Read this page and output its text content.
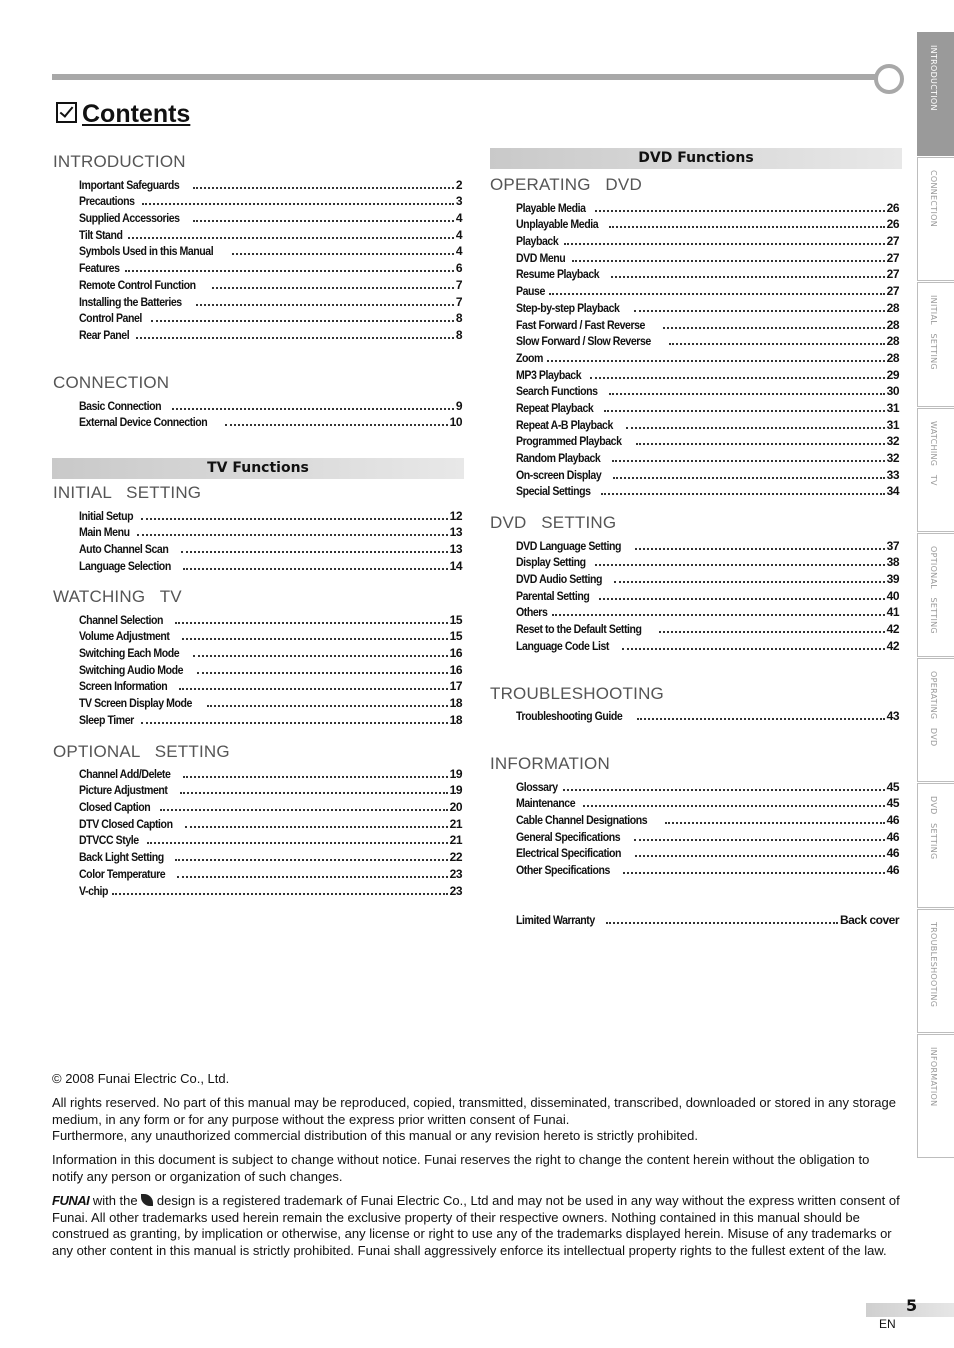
Contents
INTRODUCTION
Important Safeguards	2
Precautions	3
Supplied Accessories	4
Tilt Stand	4
Symbols Used in this Manual	4
Features	6
Remote Control Function	7
Installing the Batteries	7
Control Panel	8
Rear Panel	8
CONNECTION
Basic Connection	9
External Device Connection	10
TV Functions
INITIAL   SETTING
Initial Setup	12
Main Menu	13
Auto Channel Scan	13
Language Selection	14
WATCHING   TV
Channel Selection	15
Volume Adjustment	15
Switching Each Mode	16
Switching Audio Mode	16
Screen Information	17
TV Screen Display Mode	18
Sleep Timer	18
OPTIONAL   SETTING
Channel Add/Delete	19
Picture Adjustment	19
Closed Caption	20
DTV Closed Caption	21
DTVCC Style	21
Back Light Setting	22
Color Temperature	23
V-chip	23
DVD Functions
OPERATING   DVD
Playable Media	26
Unplayable Media	26
Playback	27
DVD Menu	27
Resume Playback	27
Pause	27
Step-by-step Playback	28
Fast Forward / Fast Reverse	28
Slow Forward / Slow Reverse	28
Zoom	28
MP3 Playback	29
Search Functions	30
Repeat Playback	31
Repeat A-B Playback	31
Programmed Playback	32
Random Playback	32
On-screen Display	33
Special Settings	34
DVD   SETTING
DVD Language Setting	37
Display Setting	38
DVD Audio Setting	39
Parental Setting	40
Others	41
Reset to the Default Setting	42
Language Code List	42
TROUBLESHOOTING
Troubleshooting Guide	43
INFORMATION
Glossary	45
Maintenance	45
Cable Channel Designations	46
General Specifications	46
Electrical Specification	46
Other Specifications	46
Limited Warranty	Back cover
INTRODUCTION
CONNECTION
INITIAL   SETTING
WATCHING   TV
OPTIONAL   SETTING
OPERATING   DVD
DVD   SETTING
TROUBLESHOOTING
INFORMATION

© 2008 Funai Electric Co., Ltd.

All rights reserved. No part of this manual may be reproduced, copied, transmitted, disseminated, transcribed, downloaded or stored in any storage medium, in any form or for any purpose without the express prior written consent of Funai.
Furthermore, any unauthorized commercial distribution of this manual or any revision hereto is strictly prohibited.

Information in this document is subject to change without notice. Funai reserves the right to change the content herein without the obligation to notify any person or organization of such changes.

FUNAI with the  design is a registered trademark of Funai Electric Co., Ltd and may not be used in any way without the express written consent of Funai. All other trademarks used herein remain the exclusive property of their respective owners. Nothing contained in this manual should be construed as granting, by implication or otherwise, any license or right to use any of the trademarks displayed herein. Misuse of any trademarks or any other content in this manual is strictly prohibited. Funai shall aggressively enforce its intellectual property rights to the fullest extent of the law.

5
EN
